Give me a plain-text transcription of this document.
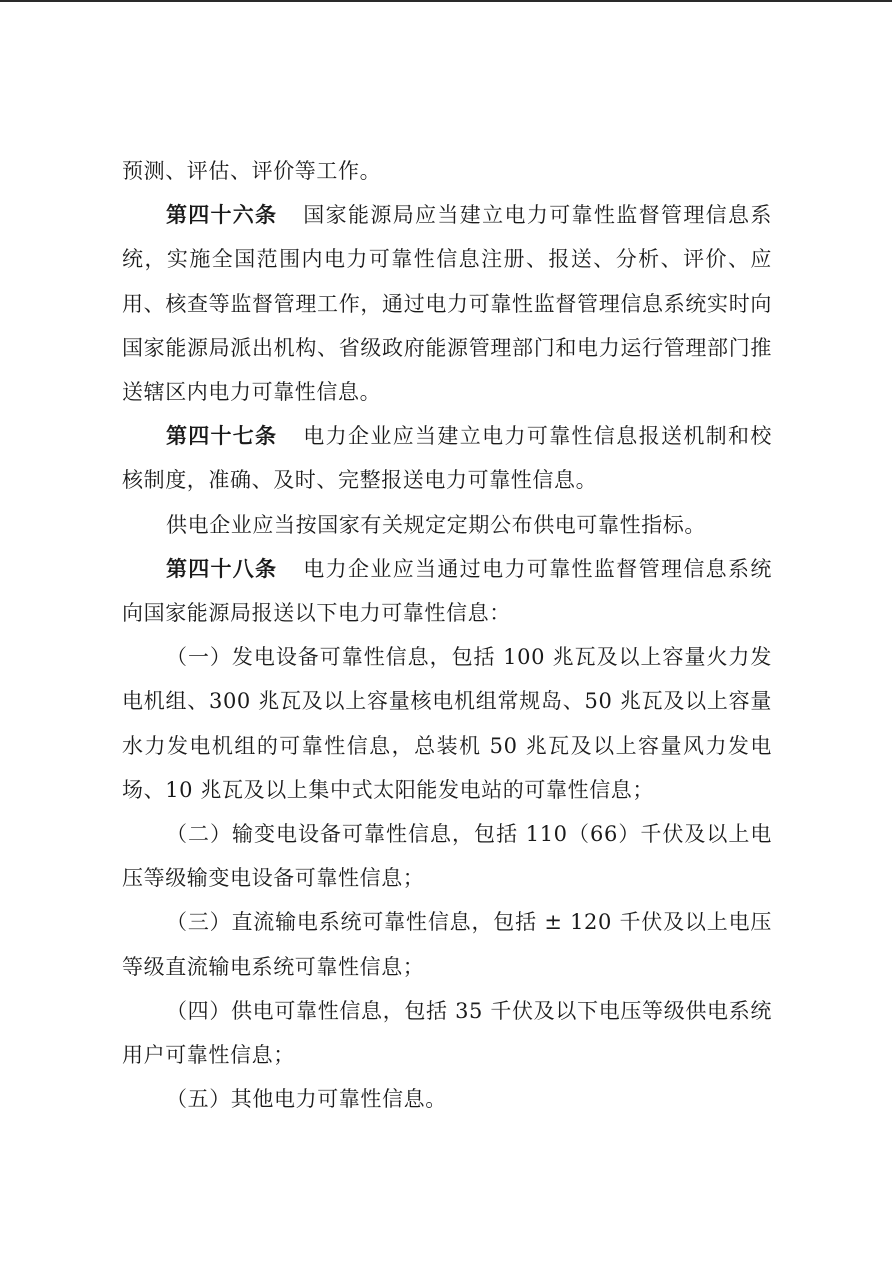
预测、评估、评价等工作。

第四十六条 国家能源局应当建立电力可靠性监督管理信息系统，实施全国范围内电力可靠性信息注册、报送、分析、评价、应用、核查等监督管理工作，通过电力可靠性监督管理信息系统实时向国家能源局派出机构、省级政府能源管理部门和电力运行管理部门推送辖区内电力可靠性信息。

第四十七条 电力企业应当建立电力可靠性信息报送机制和校核制度，准确、及时、完整报送电力可靠性信息。

供电企业应当按国家有关规定定期公布供电可靠性指标。

第四十八条 电力企业应当通过电力可靠性监督管理信息系统向国家能源局报送以下电力可靠性信息：

（一）发电设备可靠性信息，包括 100 兆瓦及以上容量火力发电机组、300 兆瓦及以上容量核电机组常规岛、50 兆瓦及以上容量水力发电机组的可靠性信息，总装机 50 兆瓦及以上容量风力发电场、10 兆瓦及以上集中式太阳能发电站的可靠性信息；

（二）输变电设备可靠性信息，包括 110（66）千伏及以上电压等级输变电设备可靠性信息；

（三）直流输电系统可靠性信息，包括 ± 120 千伏及以上电压等级直流输电系统可靠性信息；

（四）供电可靠性信息，包括 35 千伏及以下电压等级供电系统用户可靠性信息；

（五）其他电力可靠性信息。
